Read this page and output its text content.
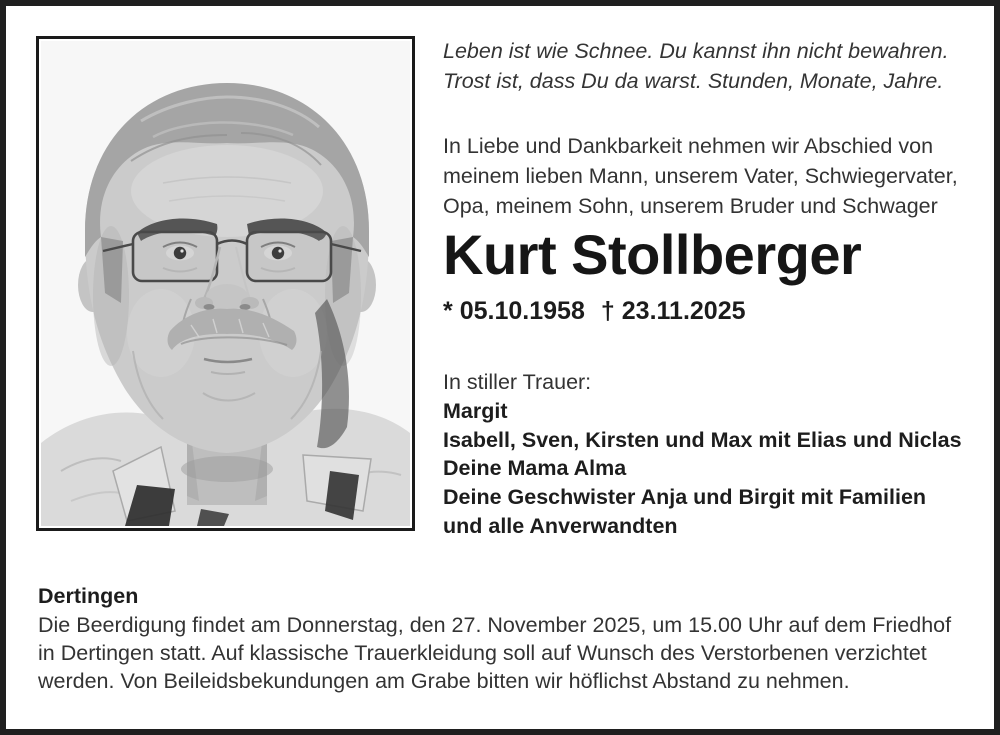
Leben ist wie Schnee. Du kannst ihn nicht bewahren.
Trost ist, dass Du da warst. Stunden, Monate, Jahre.
In Liebe und Dankbarkeit nehmen wir Abschied von
meinem lieben Mann, unserem Vater, Schwiegervater,
Opa, meinem Sohn, unserem Bruder und Schwager
Kurt Stollberger
* 05.10.1958 † 23.11.2025
In stiller Trauer:
Margit
Isabell, Sven, Kirsten und Max mit Elias und Niclas
Deine Mama Alma
Deine Geschwister Anja und Birgit mit Familien
und alle Anverwandten
Dertingen
Die Beerdigung findet am Donnerstag, den 27. November 2025, um 15.00 Uhr auf dem Friedhof
in Dertingen statt. Auf klassische Trauerkleidung soll auf Wunsch des Verstorbenen verzichtet
werden. Von Beileidsbekundungen am Grabe bitten wir höflichst Abstand zu nehmen.
